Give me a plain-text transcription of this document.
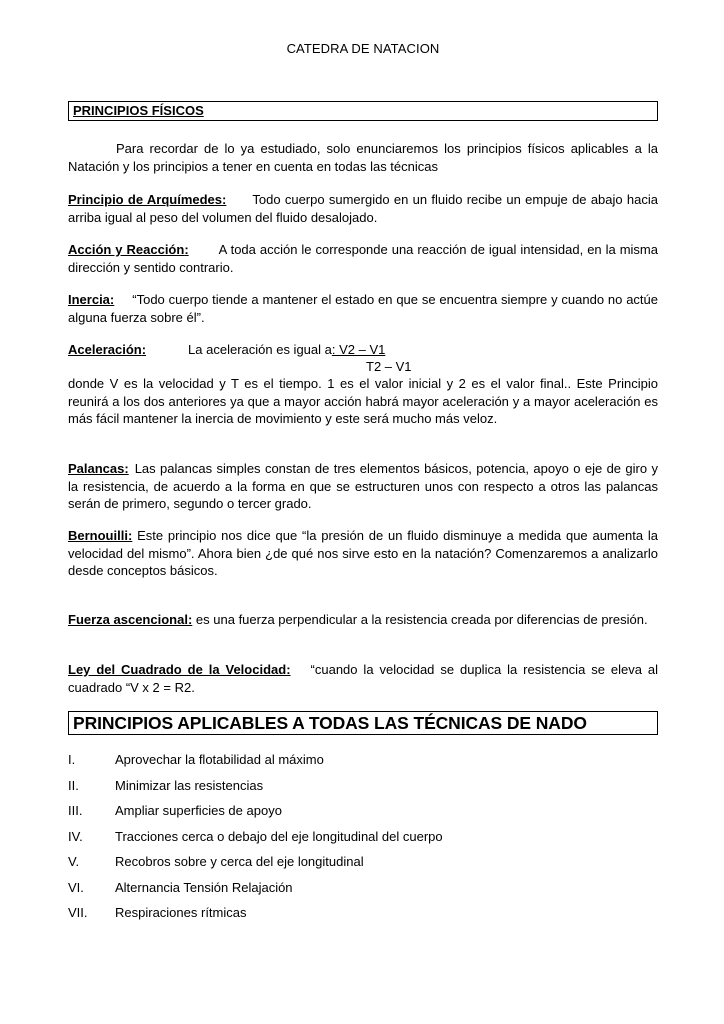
CATEDRA DE NATACION
PRINCIPIOS FÍSICOS

Para recordar de lo ya estudiado, solo enunciaremos los principios físicos aplicables a la Natación y los principios a tener en cuenta en todas las técnicas

Principio de Arquímedes: Todo cuerpo sumergido en un fluido recibe un empuje de abajo hacia arriba igual al peso del volumen del fluido desalojado.

Acción y Reacción: A toda acción le corresponde una reacción de igual intensidad, en la misma dirección y sentido contrario.

Inercia: “Todo cuerpo tiende a mantener el estado en que se encuentra siempre y cuando no actúe alguna fuerza sobre él”.

Aceleración:	La aceleración es igual a: V2 – V1
T2 – V1

donde V es la velocidad y T es el tiempo. 1 es el valor inicial y 2 es el valor final.. Este Principio reunirá a los dos anteriores ya que a mayor acción habrá mayor aceleración y a mayor aceleración es más fácil mantener la inercia de movimiento y este será mucho más veloz.

Palancas: Las palancas simples constan de tres elementos básicos, potencia, apoyo o eje de giro y la resistencia, de acuerdo a la forma en que se estructuren unos con respecto a otros las palancas serán de primero, segundo o tercer grado.

Bernouilli: Este principio nos dice que “la presión de un fluido disminuye a medida que aumenta la velocidad del mismo”. Ahora bien ¿de qué nos sirve esto en la natación? Comenzaremos a analizarlo desde conceptos básicos.

Fuerza ascencional: es una fuerza perpendicular a la resistencia creada por diferencias de presión.

Ley del Cuadrado de la Velocidad: “cuando la velocidad se duplica la resistencia se eleva al cuadrado “V x 2 = R2.

PRINCIPIOS APLICABLES A TODAS LAS TÉCNICAS DE NADO
I.	Aprovechar la flotabilidad al máximo
II.	Minimizar las resistencias
III.	Ampliar superficies de apoyo
IV. Tracciones cerca o debajo del eje longitudinal del cuerpo
V.	Recobros sobre y cerca del eje longitudinal
VI. Alternancia Tensión Relajación
VII. Respiraciones rítmicas
